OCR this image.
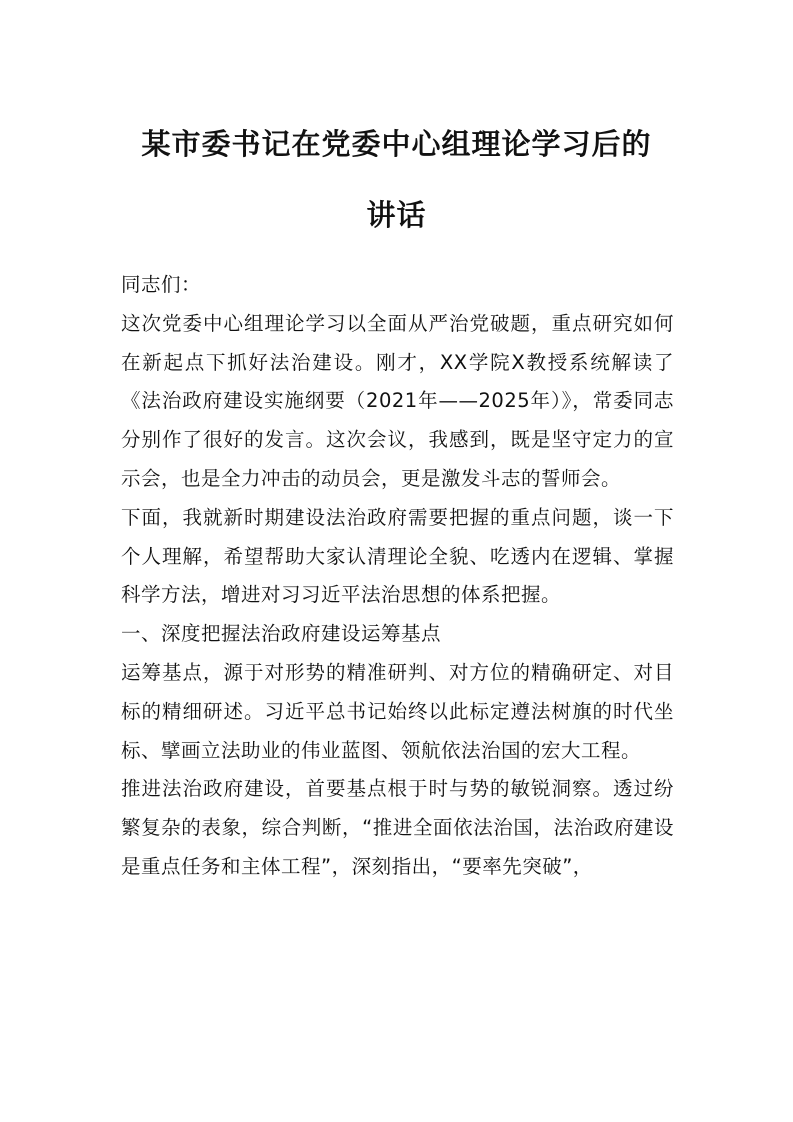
某市委书记在党委中心组理论学习后的
讲话

同志们：

这次党委中心组理论学习以全面从严治党破题，重点研究如何在新起点下抓好法治建设。刚才，XX学院X教授系统解读了《法治政府建设实施纲要（2021年——2025年）》，常委同志分别作了很好的发言。这次会议，我感到，既是坚守定力的宣示会，也是全力冲击的动员会，更是激发斗志的誓师会。

下面，我就新时期建设法治政府需要把握的重点问题，谈一下个人理解，希望帮助大家认清理论全貌、吃透内在逻辑、掌握科学方法，增进对习习近平法治思想的体系把握。

一、深度把握法治政府建设运筹基点

运筹基点，源于对形势的精准研判、对方位的精确研定、对目标的精细研述。习近平总书记始终以此标定遵法树旗的时代坐标、擘画立法助业的伟业蓝图、领航依法治国的宏大工程。

推进法治政府建设，首要基点根于时与势的敏锐洞察。透过纷繁复杂的表象，综合判断，“推进全面依法治国，法治政府建设是重点任务和主体工程”，深刻指出，“要率先突破”，
